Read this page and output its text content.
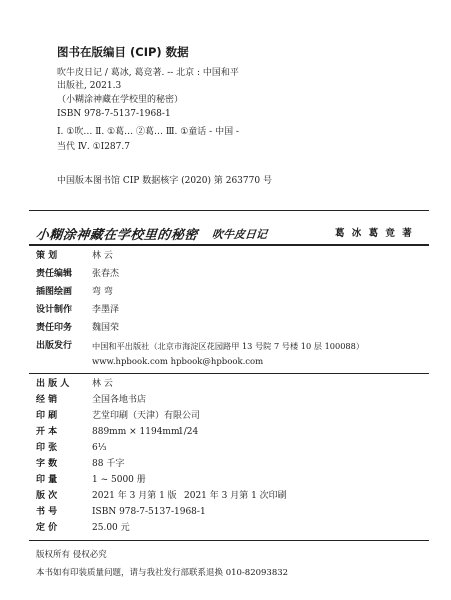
图书在版编目 (CIP) 数据
吹牛皮日记 / 葛冰, 葛竞著. -- 北京 : 中国和平
出版社, 2021.3
（小糊涂神藏在学校里的秘密）
ISBN 978-7-5137-1968-1
Ⅰ. ①吹… Ⅱ. ①葛… ②葛… Ⅲ. ①童话 - 中国 -
当代 Ⅳ. ①I287.7
中国版本图书馆 CIP 数据核字 (2020) 第 263770 号
小糊涂神藏在学校里的秘密 吹牛皮日记	葛 冰 葛 竞 著
策 划	林 云
责任编辑	张春杰
插图绘画	弯 弯
设计制作	李墨泽
责任印务	魏国荣
出版发行	中国和平出版社（北京市海淀区花园路甲 13 号院 7 号楼 10 层 100088）
www.hpbook.com hpbook@hpbook.com
出 版 人	林 云
经 销	全国各地书店
印 刷	艺堂印刷（天津）有限公司
开 本	889mm × 1194mm
1/24
印 张	6⅓
字 数	88 千字
印 量	1 ~ 5000 册
版 次	2021 年 3 月第 1 版 2021 年 3 月第 1 次印刷
书 号	ISBN 978-7-5137-1968-1
定 价	25.00 元
版权所有 侵权必究
本书如有印装质量问题，请与我社发行部联系退换 010-82093832
